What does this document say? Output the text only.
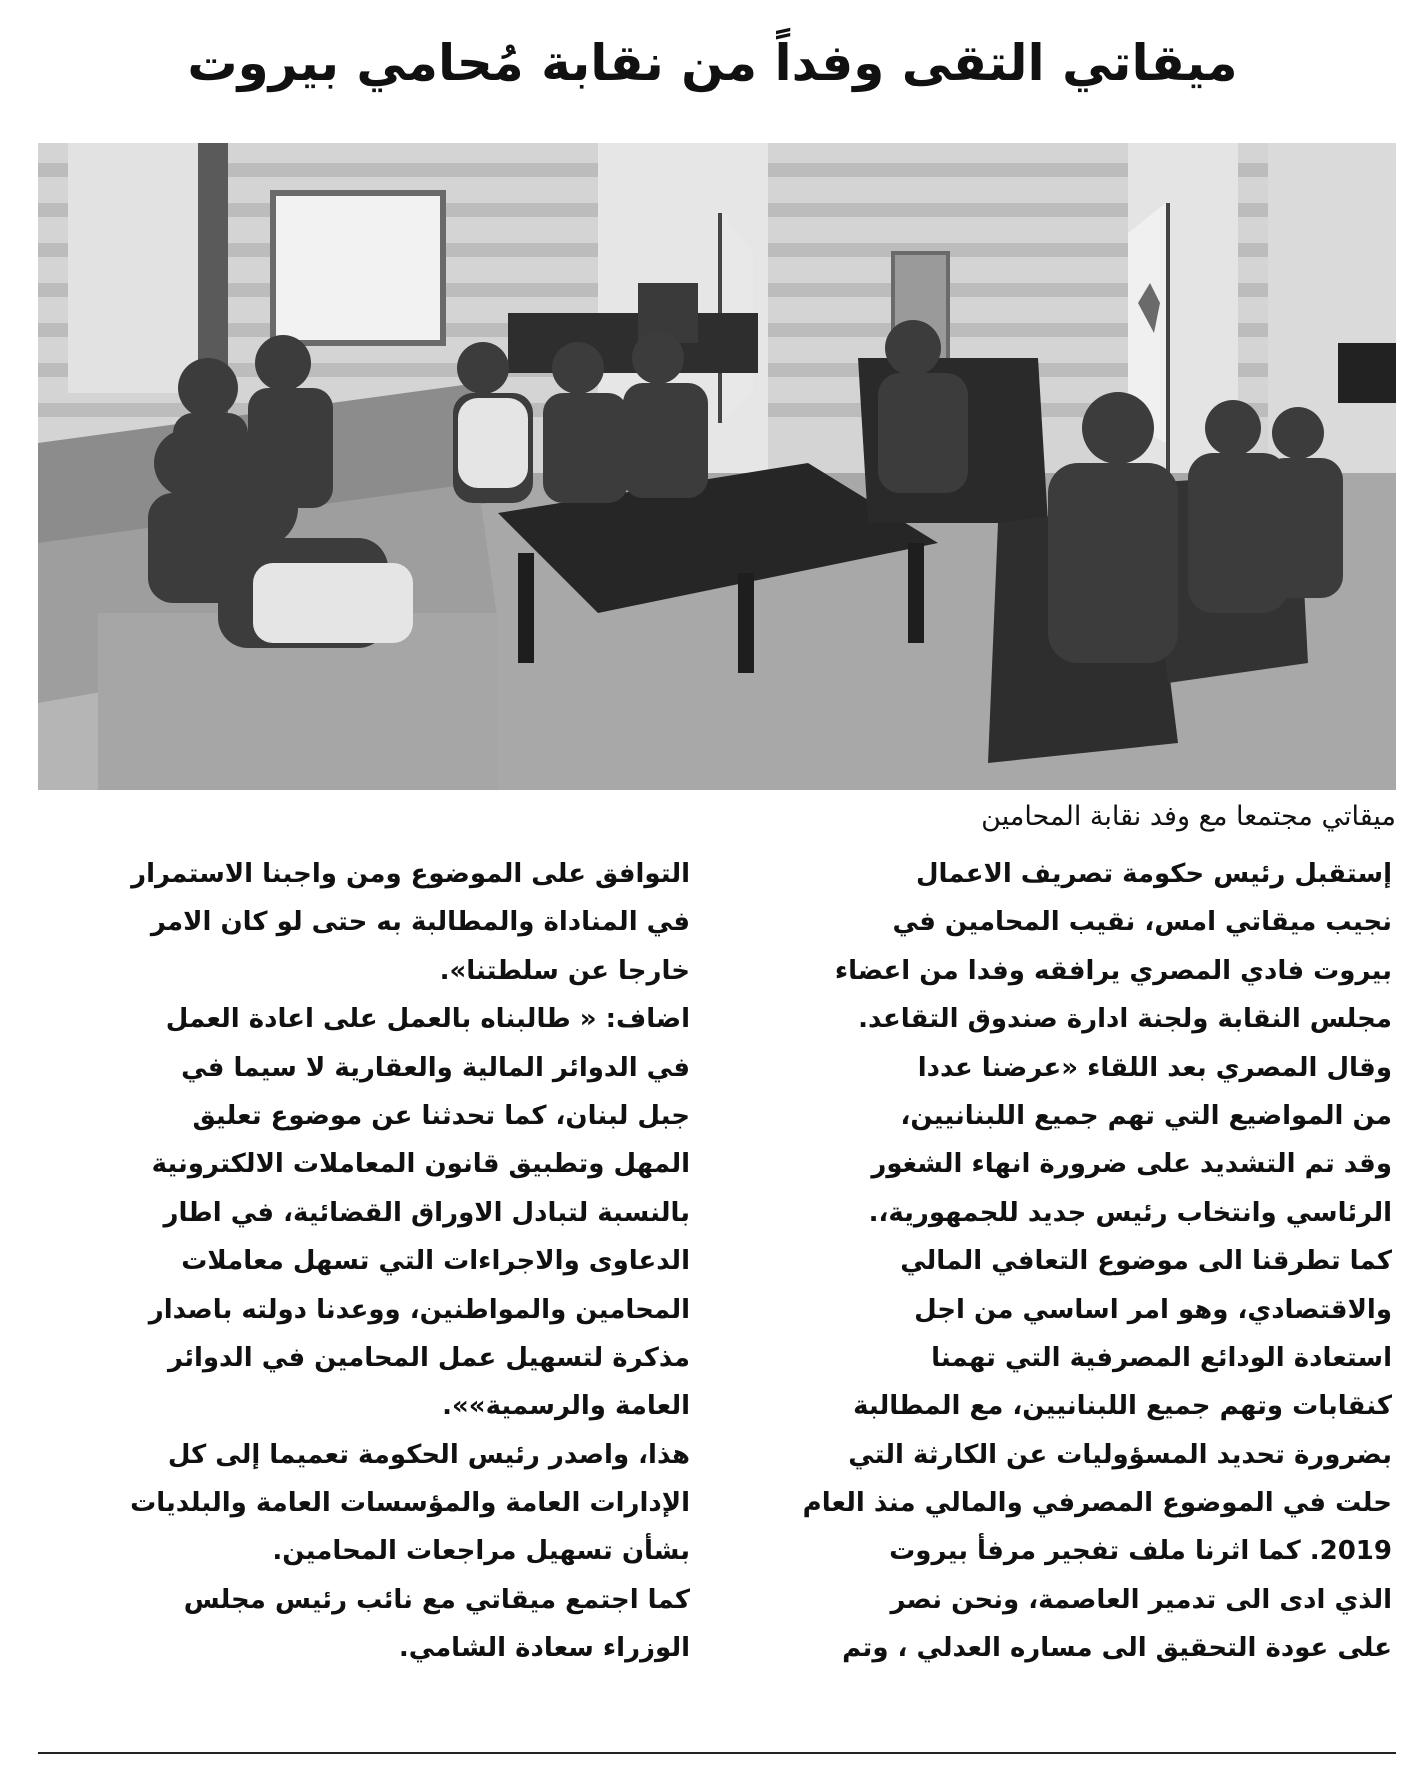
ميقاتي التقى وفداً من نقابة مُحامي بيروت
ميقاتي مجتمعا مع وفد نقابة المحامين
إستقبل رئيس حكومة تصريف الاعمال
نجيب ميقاتي امس، نقيب المحامين في
بيروت فادي المصري يرافقه وفدا من اعضاء
مجلس النقابة ولجنة ادارة صندوق التقاعد.
وقال المصري بعد اللقاء «عرضنا عددا
من المواضيع التي تهم جميع اللبنانيين،
وقد تم التشديد على ضرورة انهاء الشغور
الرئاسي وانتخاب رئيس جديد للجمهورية،.
كما تطرقنا الى موضوع التعافي المالي
والاقتصادي، وهو امر اساسي من اجل
استعادة الودائع المصرفية التي تهمنا
كنقابات وتهم جميع اللبنانيين، مع المطالبة
بضرورة تحديد المسؤوليات عن الكارثة التي
حلت في الموضوع المصرفي والمالي منذ العام
2019. كما اثرنا ملف تفجير مرفأ بيروت
الذي ادى الى تدمير العاصمة، ونحن نصر
على عودة التحقيق الى مساره العدلي ، وتم
التوافق على الموضوع ومن واجبنا الاستمرار
في المناداة والمطالبة به حتى لو كان الامر
خارجا عن سلطتنا».
اضاف: « طالبناه بالعمل على اعادة العمل
في الدوائر المالية والعقارية لا سيما في
جبل لبنان، كما تحدثنا عن موضوع تعليق
المهل وتطبيق قانون المعاملات الالكترونية
بالنسبة لتبادل الاوراق القضائية، في اطار
الدعاوى والاجراءات التي تسهل معاملات
المحامين والمواطنين، ووعدنا دولته باصدار
مذكرة لتسهيل عمل المحامين في الدوائر
العامة والرسمية»».
هذا، واصدر رئيس الحكومة تعميما إلى كل
الإدارات العامة والمؤسسات العامة والبلديات
بشأن تسهيل مراجعات المحامين.
كما اجتمع ميقاتي مع نائب رئيس مجلس
الوزراء سعادة الشامي.
